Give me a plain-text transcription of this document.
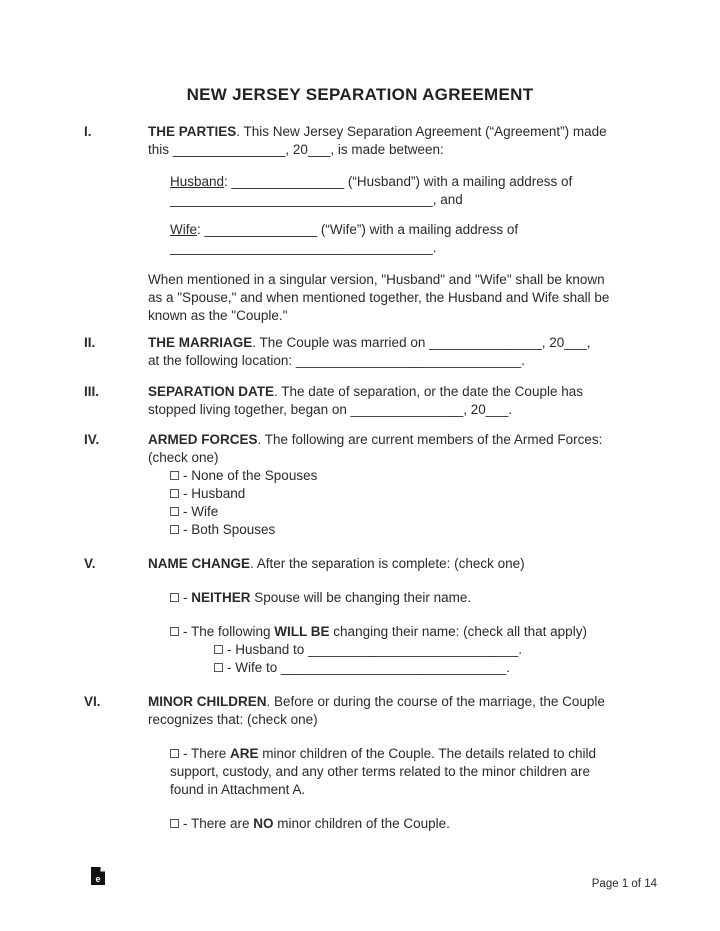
NEW JERSEY SEPARATION AGREEMENT
I.	THE PARTIES. This New Jersey Separation Agreement (“Agreement”) made
this _______________, 20___, is made between:
Husband: _______________ (“Husband”) with a mailing address of
___________________________________, and
Wife: _______________ (“Wife”) with a mailing address of
___________________________________.
When mentioned in a singular version, "Husband" and "Wife" shall be known
as a "Spouse," and when mentioned together, the Husband and Wife shall be
known as the "Couple."
II.	THE MARRIAGE. The Couple was married on _______________, 20___,
at the following location: ______________________________.
III.	SEPARATION DATE. The date of separation, or the date the Couple has
stopped living together, began on _______________, 20___.
IV.	ARMED FORCES. The following are current members of the Armed Forces:
(check one)
- None of the Spouses
- Husband
- Wife
- Both Spouses
V.	NAME CHANGE. After the separation is complete: (check one)
- NEITHER Spouse will be changing their name.
- The following WILL BE changing their name: (check all that apply)
- Husband to ____________________________.
- Wife to ______________________________.
VI.	MINOR CHILDREN. Before or during the course of the marriage, the Couple
recognizes that: (check one)
- There ARE minor children of the Couple. The details related to child
support, custody, and any other terms related to the minor children are
found in Attachment A.
- There are NO minor children of the Couple.
e	Page 1 of 14
